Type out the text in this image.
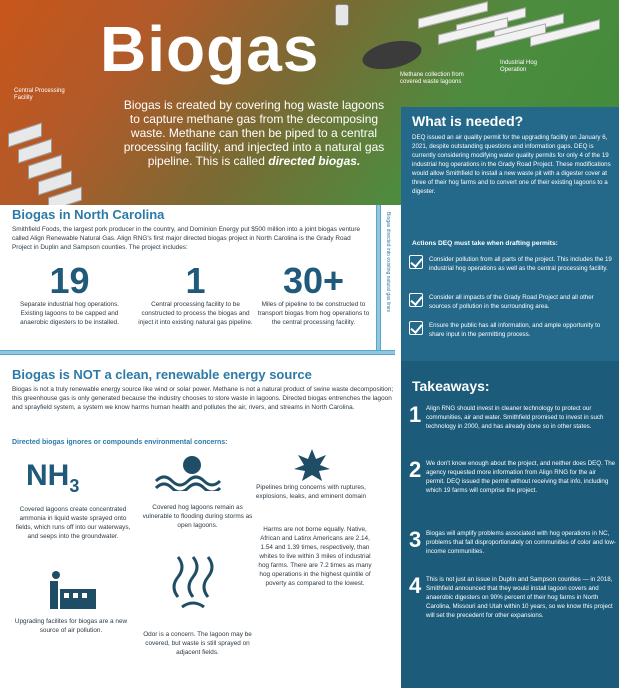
Biogas
Biogas is created by covering hog waste lagoons to capture methane gas from the decomposing waste. Methane can then be piped to a central processing facility, and injected into a natural gas pipeline. This is called directed biogas.
Central Processing Facility
Methane collection from covered waste lagoons
Industrial Hog Operation
What is needed?
DEQ issued an air quality permit for the upgrading facility on January 6, 2021, despite outstanding questions and information gaps. DEQ is currently considering modifying water quality permits for only 4 of the 19 industrial hog operations in the Grady Road Project. These modifications would allow Smithfield to install a new waste pit with a digester cover at three of their hog farms and to convert one of their existing lagoons to a digester.
Actions DEQ must take when drafting permits:
Consider pollution from all parts of the project. This includes the 19 industrial hog operations as well as the central processing facility.
Consider all impacts of the Grady Road Project and all other sources of pollution in the surrounding area.
Ensure the public has all information, and ample opportunity to share input in the permitting process.
Takeaways:
1 Align RNG should invest in cleaner technology to protect our communities, air and water. Smithfield promised to invest in such technology in 2000, and has already done so in other states.
2 We don't know enough about the project, and neither does DEQ. The agency requested more information from Align RNG for the air permit. DEQ issued the permit without receiving that info, including which 19 farms will comprise the project.
3 Biogas will amplify problems associated with hog operations in NC, problems that fall disproportionately on communities of color and low-income communities.
4 This is not just an issue in Duplin and Sampson counties — in 2018, Smithfield announced that they would install lagoon covers and anaerobic digesters on 90% percent of their hog farms in North Carolina, Missouri and Utah within 10 years, so we know this project will set the precedent for other expansions.
Biogas in North Carolina
Smithfield Foods, the largest pork producer in the country, and Dominion Energy put $500 million into a joint biogas venture called Align Renewable Natural Gas. Align RNG's first major directed biogas project in North Carolina is the Grady Road Project in Duplin and Sampson counties. The project includes:
19
Separate industrial hog operations. Existing lagoons to be capped and anaerobic digesters to be installed.
1
Central processing facility to be constructed to process the biogas and inject it into existing natural gas pipeline.
30+
Miles of pipeline to be constructed to transport biogas from hog operations to the central processing facility.
Biogas directed into existing natural gas lines
Biogas is NOT a clean, renewable energy source
Biogas is not a truly renewable energy source like wind or solar power. Methane is not a natural product of swine waste decomposition; this greenhouse gas is only generated because the industry chooses to store waste in lagoons. Directed biogas entrenches the lagoon and sprayfield system, a system we know harms human health and pollutes the air, rivers, and streams in North Carolina.
Directed biogas ignores or compounds environmental concerns:
$NH_3$
Covered lagoons create concentrated ammonia in liquid waste sprayed onto fields, which runs off into our waterways, and seeps into the groundwater.
Covered hog lagoons remain as vulnerable to flooding during storms as open lagoons.
Pipelines bring concerns with ruptures, explosions, leaks, and eminent domain
Harms are not borne equally. Native, African and Latinx Americans are 2.14, 1.54 and 1.39 times, respectively, than whites to live within 3 miles of industrial hog farms. There are 7.2 times as many hog operations in the highest quintile of poverty as compared to the lowest.
Upgrading facilites for biogas are a new source of air pollution.
Odor is a concern. The lagoon may be covered, but waste is still sprayed on adjacent fields.
